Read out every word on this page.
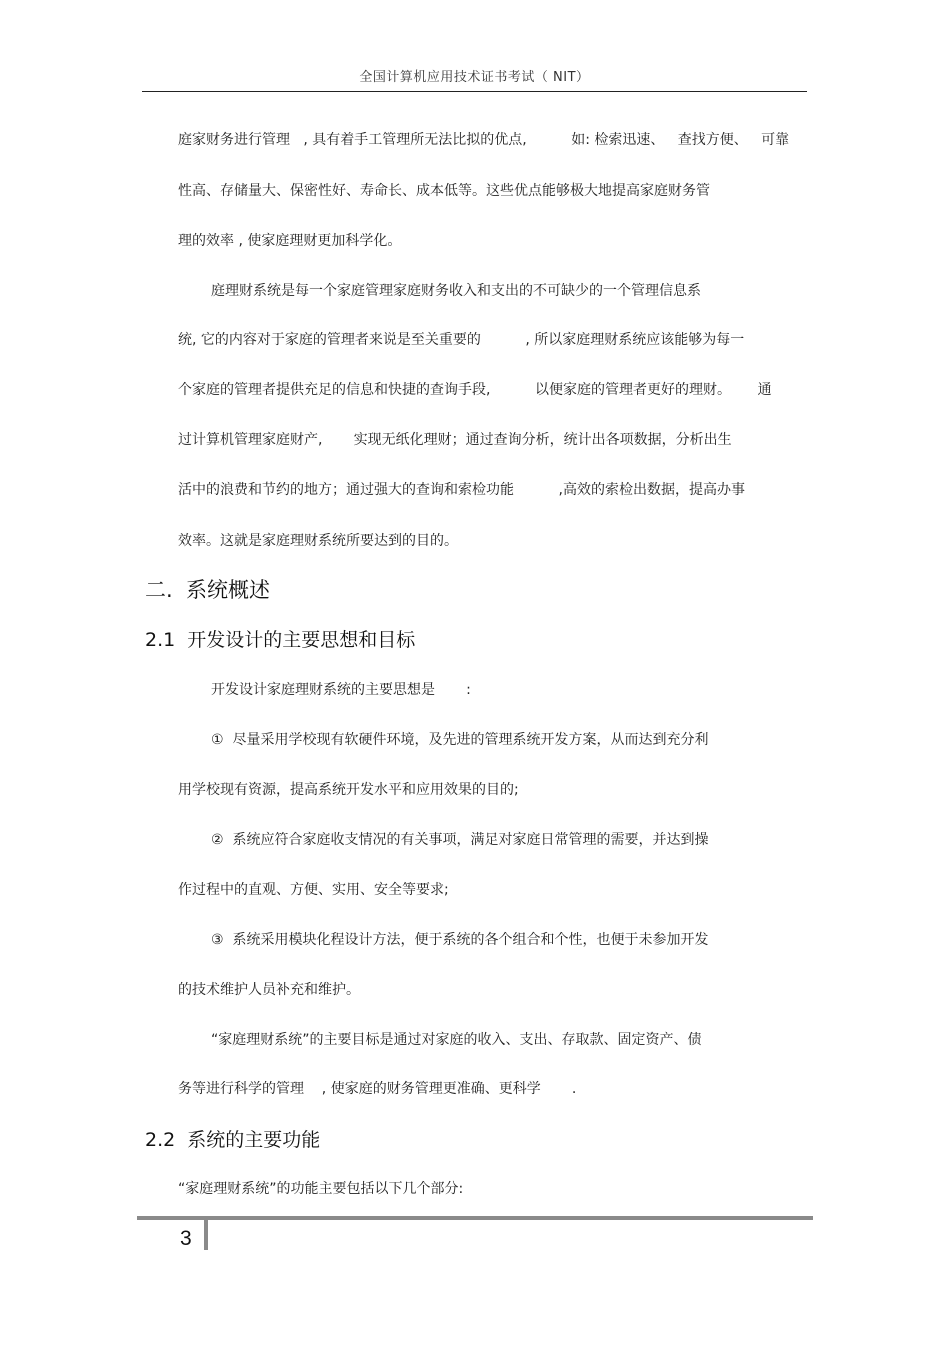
全国计算机应用技术证书考试（ NIT）
庭家财务进行管理   , 具有着手工管理所无法比拟的优点,          如: 检索迅速、   查找方便、   可靠
性高、存储量大、保密性好、寿命长、成本低等。这些优点能够极大地提高家庭财务管
理的效率 , 使家庭理财更加科学化。
庭理财系统是每一个家庭管理家庭财务收入和支出的不可缺少的一个管理信息系
统, 它的内容对于家庭的管理者来说是至关重要的          , 所以家庭理财系统应该能够为每一
个家庭的管理者提供充足的信息和快捷的查询手段,          以便家庭的管理者更好的理财。      通
过计算机管理家庭财产,       实现无纸化理财；通过查询分析，统计出各项数据，分析出生
活中的浪费和节约的地方；通过强大的查询和索检功能          ,高效的索检出数据，提高办事
效率。这就是家庭理财系统所要达到的目的。
二.  系统概述
2.1  开发设计的主要思想和目标
开发设计家庭理财系统的主要思想是       :
①  尽量采用学校现有软硬件环境，及先进的管理系统开发方案，从而达到充分利
用学校现有资源，提高系统开发水平和应用效果的目的;
②  系统应符合家庭收支情况的有关事项，满足对家庭日常管理的需要，并达到操
作过程中的直观、方便、实用、安全等要求;
③  系统采用模块化程设计方法，便于系统的各个组合和个性，也便于未参加开发
的技术维护人员补充和维护。
“家庭理财系统”的主要目标是通过对家庭的收入、支出、存取款、固定资产、债
务等进行科学的管理    , 使家庭的财务管理更准确、更科学       .
2.2  系统的主要功能
“家庭理财系统”的功能主要包括以下几个部分:
3
